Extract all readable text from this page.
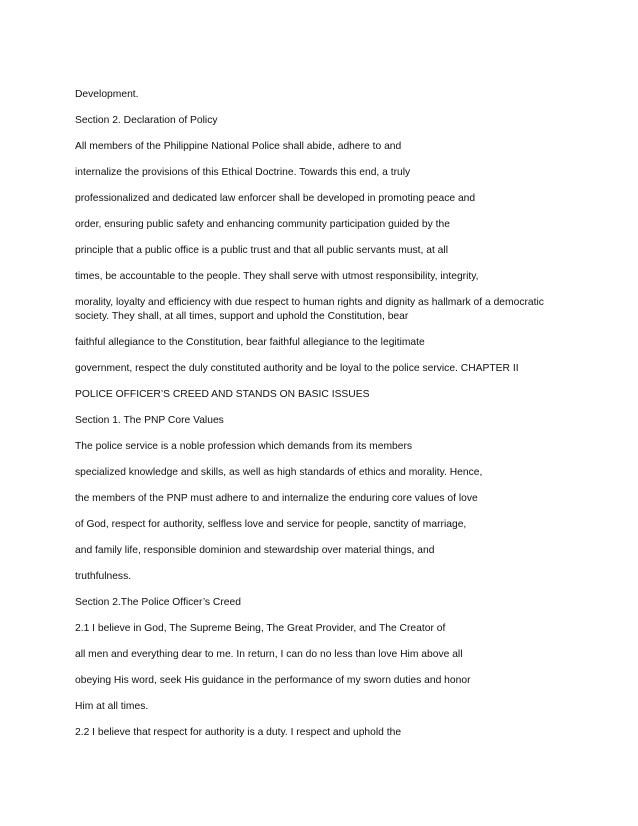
Development.
Section 2. Declaration of Policy
All members of the Philippine National Police shall abide, adhere to and
internalize the provisions of this Ethical Doctrine. Towards this end, a truly
professionalized and dedicated law enforcer shall be developed in promoting peace and
order, ensuring public safety and enhancing community participation guided by the
principle that a public office is a public trust and that all public servants must, at all
times, be accountable to the people. They shall serve with utmost responsibility, integrity,
morality, loyalty and efficiency with due respect to human rights and dignity as hallmark of a democratic
society. They shall, at all times, support and uphold the Constitution, bear
faithful allegiance to the Constitution, bear faithful allegiance to the legitimate
government, respect the duly constituted authority and be loyal to the police service. CHAPTER II
POLICE OFFICER’S CREED AND STANDS ON BASIC ISSUES
Section 1. The PNP Core Values
The police service is a noble profession which demands from its members
specialized knowledge and skills, as well as high standards of ethics and morality. Hence,
the members of the PNP must adhere to and internalize the enduring core values of love
of God, respect for authority, selfless love and service for people, sanctity of marriage,
and family life, responsible dominion and stewardship over material things, and
truthfulness.
Section 2.The Police Officer’s Creed
2.1 I believe in God, The Supreme Being, The Great Provider, and The Creator of
all men and everything dear to me. In return, I can do no less than love Him above all
obeying His word, seek His guidance in the performance of my sworn duties and honor
Him at all times.
2.2 I believe that respect for authority is a duty. I respect and uphold the
